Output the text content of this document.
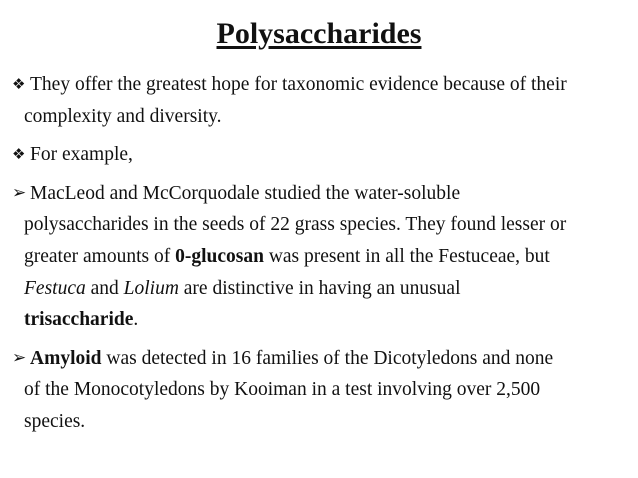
Polysaccharides
❖ They offer the greatest hope for taxonomic evidence because of their
complexity and diversity.
❖ For example,
➢ MacLeod and McCorquodale studied the water-soluble
polysaccharides in the seeds of 22 grass species. They found lesser or
greater amounts of 0-glucosan was present in all the Festuceae, but
Festuca and Lolium are distinctive in having an unusual
trisaccharide.
➢ Amyloid was detected in 16 families of the Dicotyledons and none
of the Monocotyledons by Kooiman in a test involving over 2,500
species.
